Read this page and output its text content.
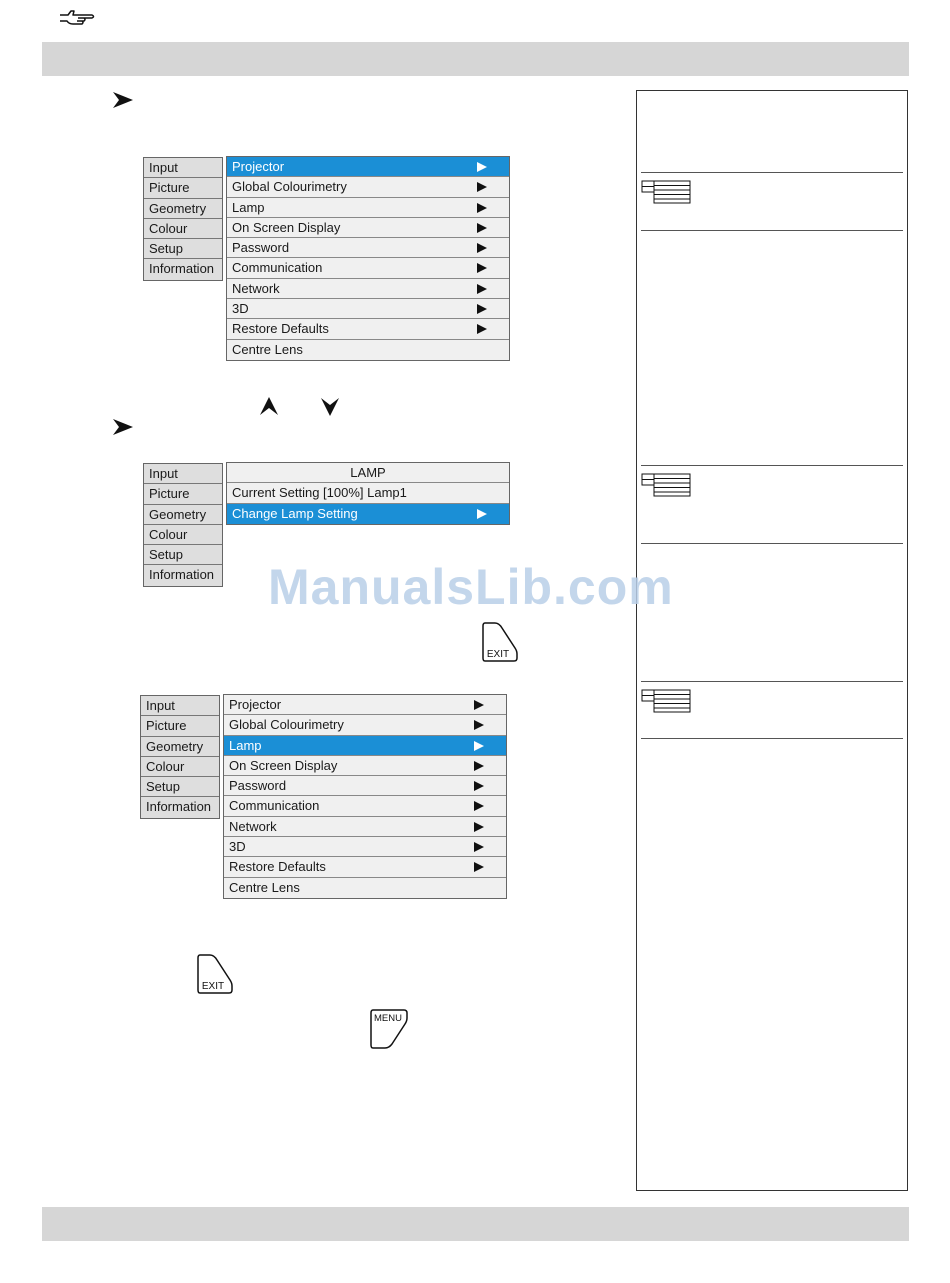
Input
Picture
Geometry
Colour
Setup
Information
Projector
Global Colourimetry
Lamp
On Screen Display
Password
Communication
Network
3D
Restore Defaults
Centre Lens
Input
Picture
Geometry
Colour
Setup
Information
LAMP
Current Setting [100%] Lamp1
Change Lamp Setting
ManualsLib.com
EXIT
Input
Picture
Geometry
Colour
Setup
Information
Projector
Global Colourimetry
Lamp
On Screen Display
Password
Communication
Network
3D
Restore Defaults
Centre Lens
EXIT
MENU
